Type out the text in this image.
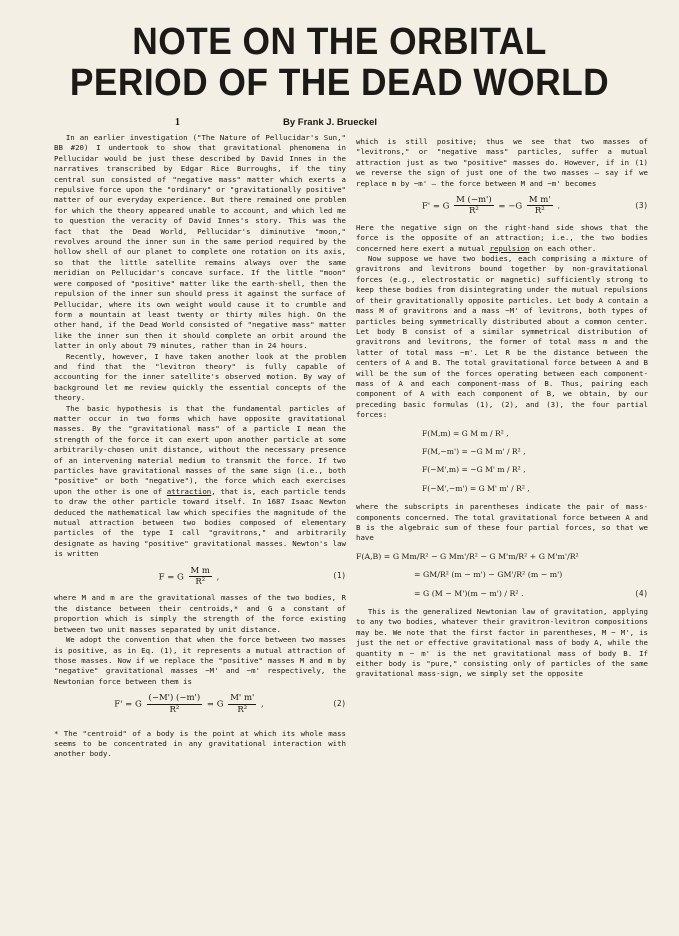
NOTE ON THE ORBITAL
PERIOD OF THE DEAD WORLD
1	By Frank J. Brueckel

In an earlier investigation ("The Nature of Pellucidar's Sun," BB #20) I undertook to show that gravitational phenomena in Pellucidar would be just these described by David Innes in the narratives transcribed by Edgar Rice Burroughs, if the tiny central sun consisted of "negative mass" matter which exerts a repulsive force upon the "ordinary" or "gravitationally positive" matter of our everyday experience. But there remained one problem for which the theory appeared unable to account, and which led me to question the veracity of David Innes's story. This was the fact that the Dead World, Pellucidar's diminutive "moon," revolves around the inner sun in the same period required by the hollow shell of our planet to complete one rotation on its axis, so that the little satellite remains always over the same meridian on Pellucidar's concave surface. If the little "moon" were composed of "positive" matter like the earth-shell, then the repulsion of the inner sun should press it against the surface of Pellucidar, where its own weight would cause it to crumble and form a mountain at least twenty or thirty miles high. On the other hand, if the Dead World consisted of "negative mass" matter like the inner sun then it should complete an orbit around the latter in only about 79 minutes, rather than in 24 hours.

Recently, however, I have taken another look at the problem and find that the "levitron theory" is fully capable of accounting for the inner satellite's observed motion. By way of background let me review quickly the essential concepts of the theory.

The basic hypothesis is that the fundamental particles of matter occur in two forms which have opposite gravitational masses. By the "gravitational mass" of a particle I mean the strength of the force it can exert upon another particle at some arbitrarily-chosen unit distance, without the necessary presence of an intervening material medium to transmit the force. If two particles have gravitational masses of the same sign (i.e., both "positive" or both "negative"), the force which each exercises upon the other is one of attraction, that is, each particle tends to draw the other particle toward itself. In 1687 Isaac Newton deduced the mathematical law which specifies the magnitude of the mutual attraction between two bodies composed of elementary particles of the type I call "gravitrons," and arbitrarily designate as having "positive" gravitational masses. Newton's law is written

F = G $\frac{\text{M m}}{\text{R²}}$ ,	(1)

where M and m are the gravitational masses of the two bodies, R the distance between their centroids,* and G a constant of proportion which is simply the strength of the force existing between two unit masses separated by unit distance.

We adopt the convention that when the force between two masses is positive, as in Eq. (1), it represents a mutual attraction of those masses. Now if we replace the "positive" masses M and m by "negative" gravitational masses −M' and −m' respectively, the Newtonian force between them is

F' = G $\frac{(-M') (-m')}{\text{R²}} = G \frac{M' m'}{\text{R²}}$ ,	(2)
* The "centroid" of a body is the point at which its whole mass seems to be concentrated in any gravitational interaction with another body.

which is still positive; thus we see that two masses of "levitrons," or "negative mass" particles, suffer a mutual attraction just as two "positive" masses do. However, if in (1) we reverse the sign of just one of the two masses — say if we replace m by −m' — the force between M and −m' becomes

F' = G $\frac{M (-m')}{\text{R²}} = -G \frac{\text{M m'}}{\text{R²}}$ .	(3)

Here the negative sign on the right-hand side shows that the force is the opposite of an attraction; i.e., the two bodies concerned here exert a mutual repulsion on each other.

Now suppose we have two bodies, each comprising a mixture of gravitrons and levitrons bound together by non-gravitational forces (e.g., electrostatic or magnetic) sufficiently strong to keep these bodies from disintegrating under the mutual repulsions of their gravitationally opposite particles. Let body A contain a mass M of gravitrons and a mass −M' of levitrons, both types of particles being symmetrically distributed about a common center. Let body B consist of a similar symmetrical distribution of gravitrons and levitrons, the former of total mass m and the latter of total mass −m'. Let R be the distance between the centers of A and B. The total gravitational force between A and B will be the sum of the forces operating between each component-mass of A and each component-mass of B. Thus, pairing each component of A with each component of B, we obtain, by our preceding basic formulas (1), (2), and (3), the four partial forces:

F(M,m) = G M m / R² ,
F(M,−m') = −G M m' / R² ,
F(−M',m) = −G M' m / R² ,
F(−M',−m') = G M' m' / R² ,

where the subscripts in parentheses indicate the pair of mass-components concerned. The total gravitational force between A and B is the algebraic sum of these four partial forces, so that we have

F(A,B) = G Mm/R² − G Mm'/R² − G M'm/R² + G M'm'/R²
= GM/R² (m − m') − GM'/R² (m − m')
= G (M − M')(m − m') / R² .	(4)

This is the generalized Newtonian law of gravitation, applying to any two bodies, whatever their gravitron-levitron compositions may be. We note that the first factor in parentheses, M − M', is just the net or effective gravitational mass of body A, while the quantity m − m' is the net gravitational mass of body B. If either body is "pure," consisting only of particles of the same gravitational mass-sign, we simply set the opposite
